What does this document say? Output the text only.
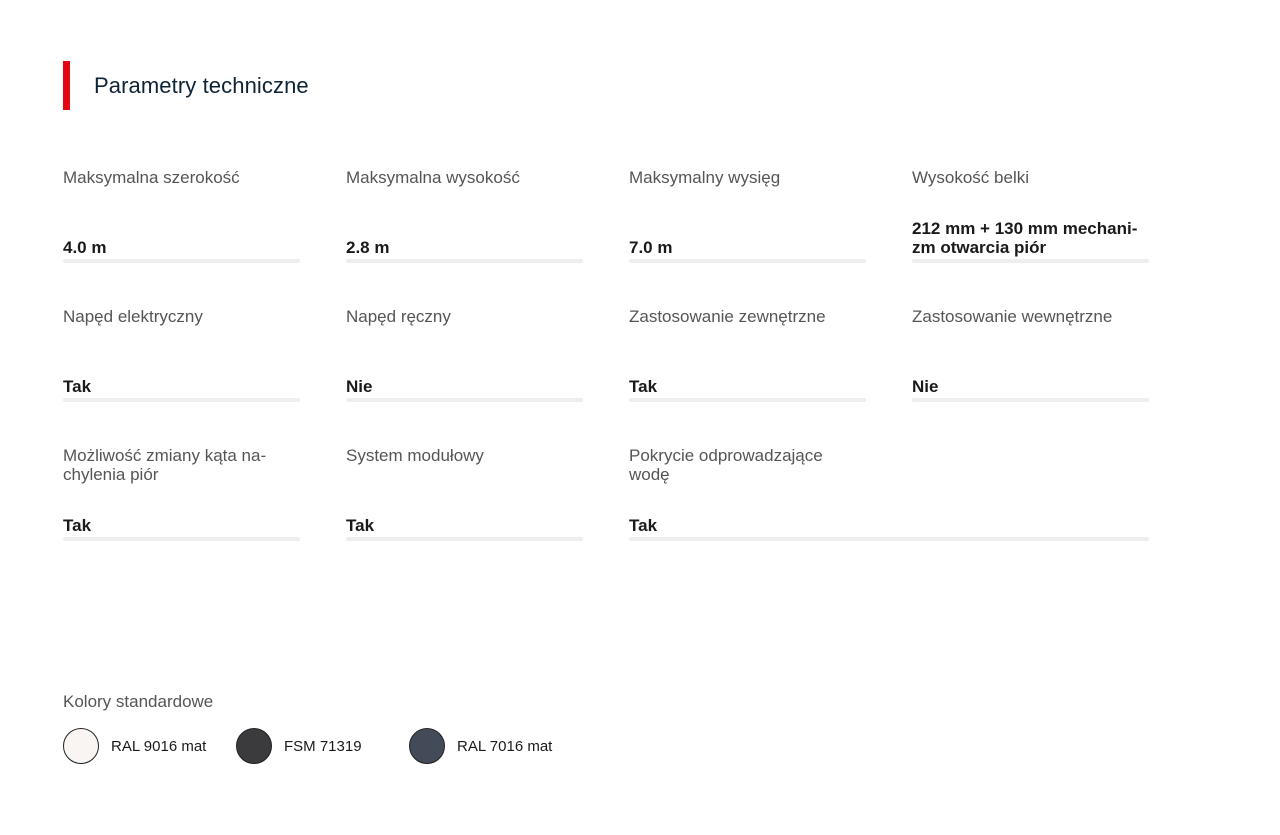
Parametry techniczne
Maksymalna szerokość
4.0 m
Maksymalna wysokość
2.8 m
Maksymalny wysięg
7.0 m
Wysokość belki
212 mm + 130 mm mechani-zm otwarcia piór
Napęd elektryczny
Tak
Napęd ręczny
Nie
Zastosowanie zewnętrzne
Tak
Zastosowanie wewnętrzne
Nie
Możliwość zmiany kąta na-chylenia piór
Tak
System modułowy
Tak
Pokrycie odprowadzające wodę
Tak
Kolory standardowe
RAL 9016 mat	FSM 71319	RAL 7016 mat
